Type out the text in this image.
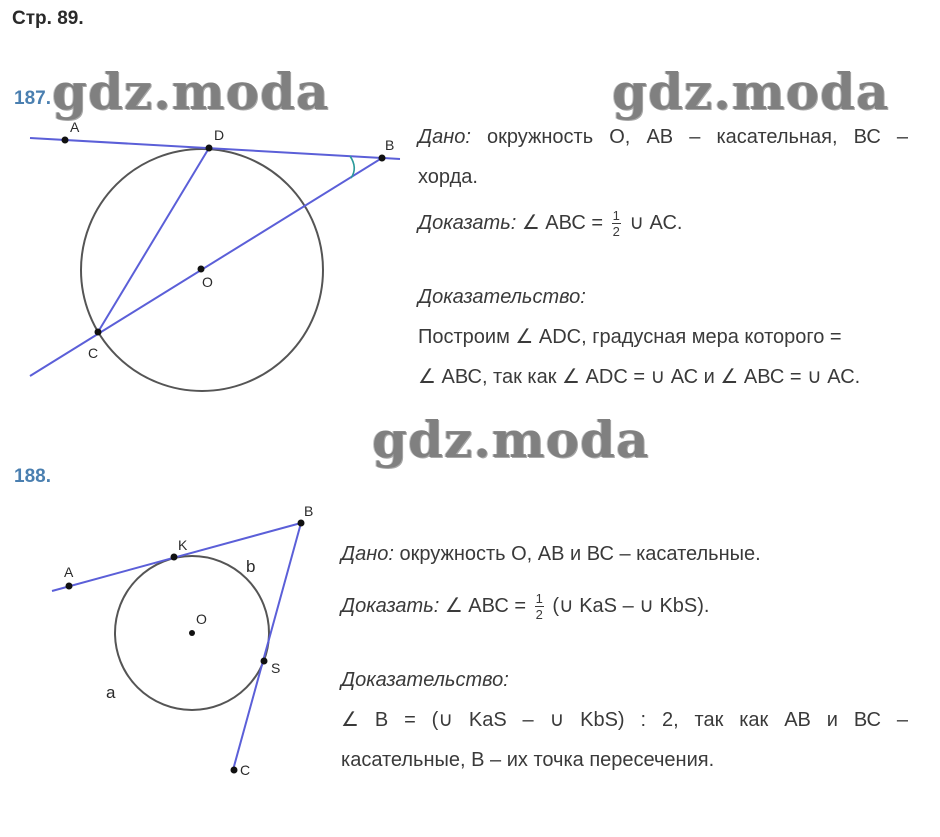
Стр. 89.
187. gdz.moda	gdz.moda
A	D
B
O
C
Дано: окружность О, АВ – касательная, ВС –
хорда.
Доказать: ∠ АВС = $\frac{1}{2}$ ∪ АС.
Доказательство:
Построим ∠ ADC, градусная мера которого =
∠ АВС, так как ∠ ADC = ∪ АС и ∠ АВС = ∪ АС.
gdz.moda
188.
A
K
B
b
O
S
a
C
Дано: окружность О, АВ и ВС – касательные.
Доказать: ∠ АВС = $\frac{1}{2}$ (∪ KaS – ∪ KbS).
Доказательство:
∠ В = (∪ KaS – ∪ KbS) : 2, так как АВ и ВС –
касательные, В – их точка пересечения.
